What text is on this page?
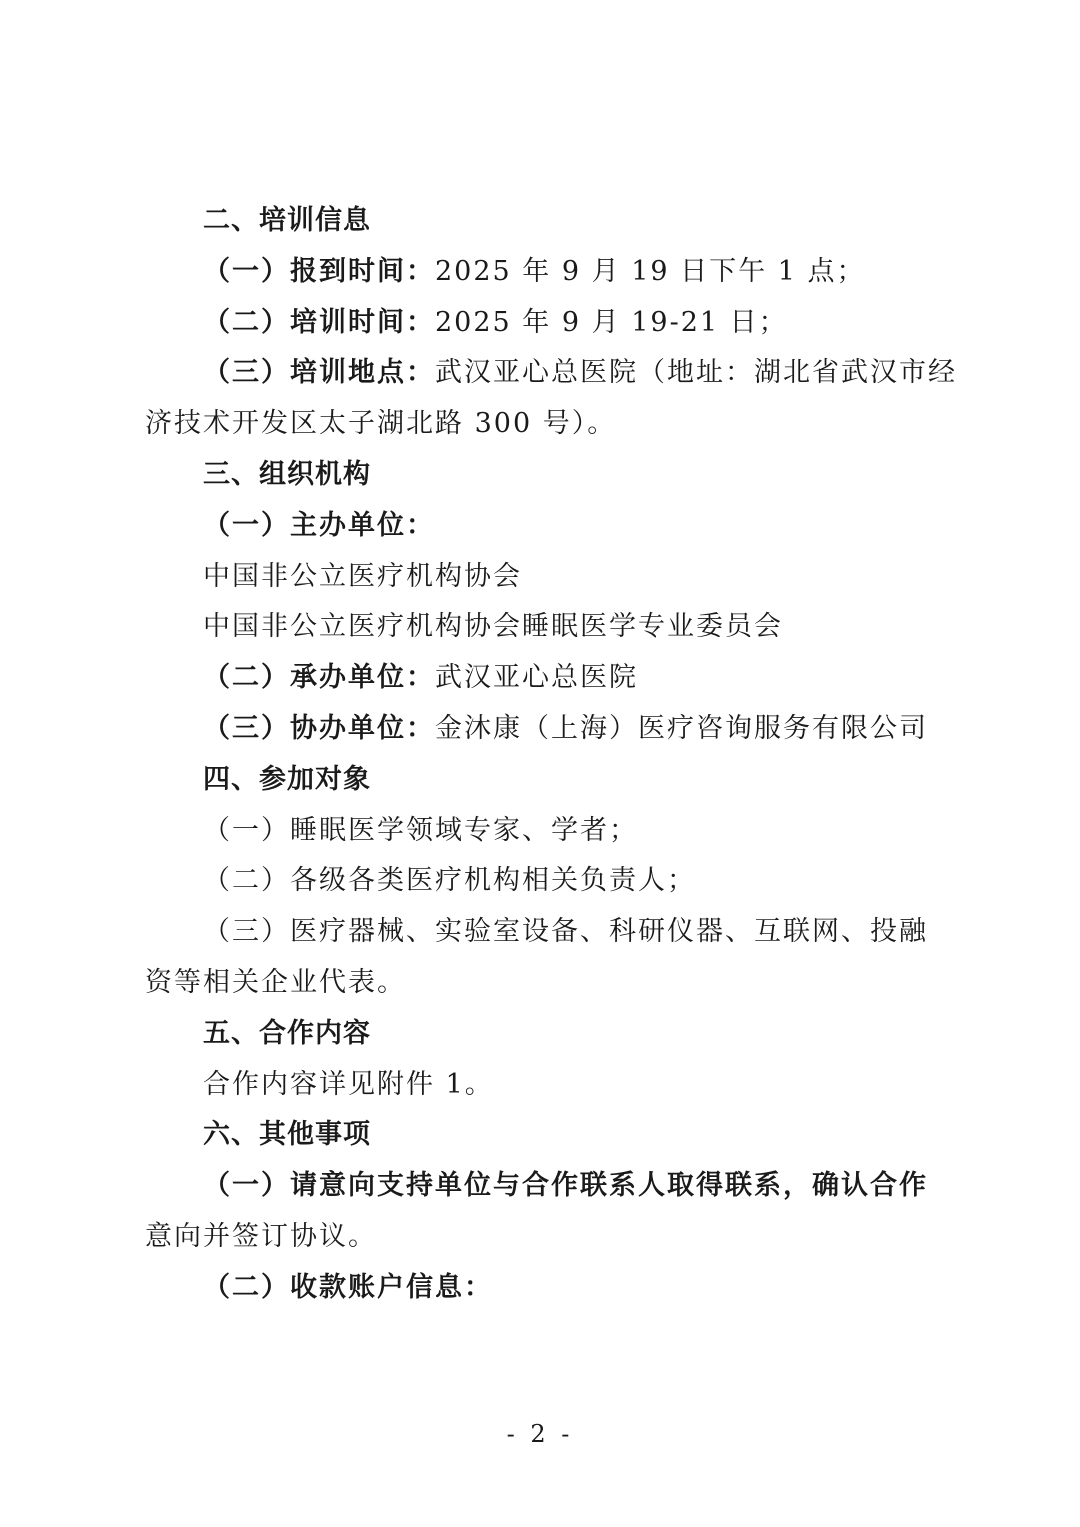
二、培训信息
（一）报到时间：2025 年 9 月 19 日下午 1 点；
（二）培训时间：2025 年 9 月 19-21 日；
（三）培训地点：武汉亚心总医院（地址：湖北省武汉市经
济技术开发区太子湖北路 300 号）。
三、组织机构
（一）主办单位：
中国非公立医疗机构协会
中国非公立医疗机构协会睡眠医学专业委员会
（二）承办单位：武汉亚心总医院
（三）协办单位：金沐康（上海）医疗咨询服务有限公司
四、参加对象
（一）睡眠医学领域专家、学者；
（二）各级各类医疗机构相关负责人；
（三）医疗器械、实验室设备、科研仪器、互联网、投融
资等相关企业代表。
五、合作内容
合作内容详见附件 1。
六、其他事项
（一）请意向支持单位与合作联系人取得联系，确认合作
意向并签订协议。
（二）收款账户信息：
- 2 -
